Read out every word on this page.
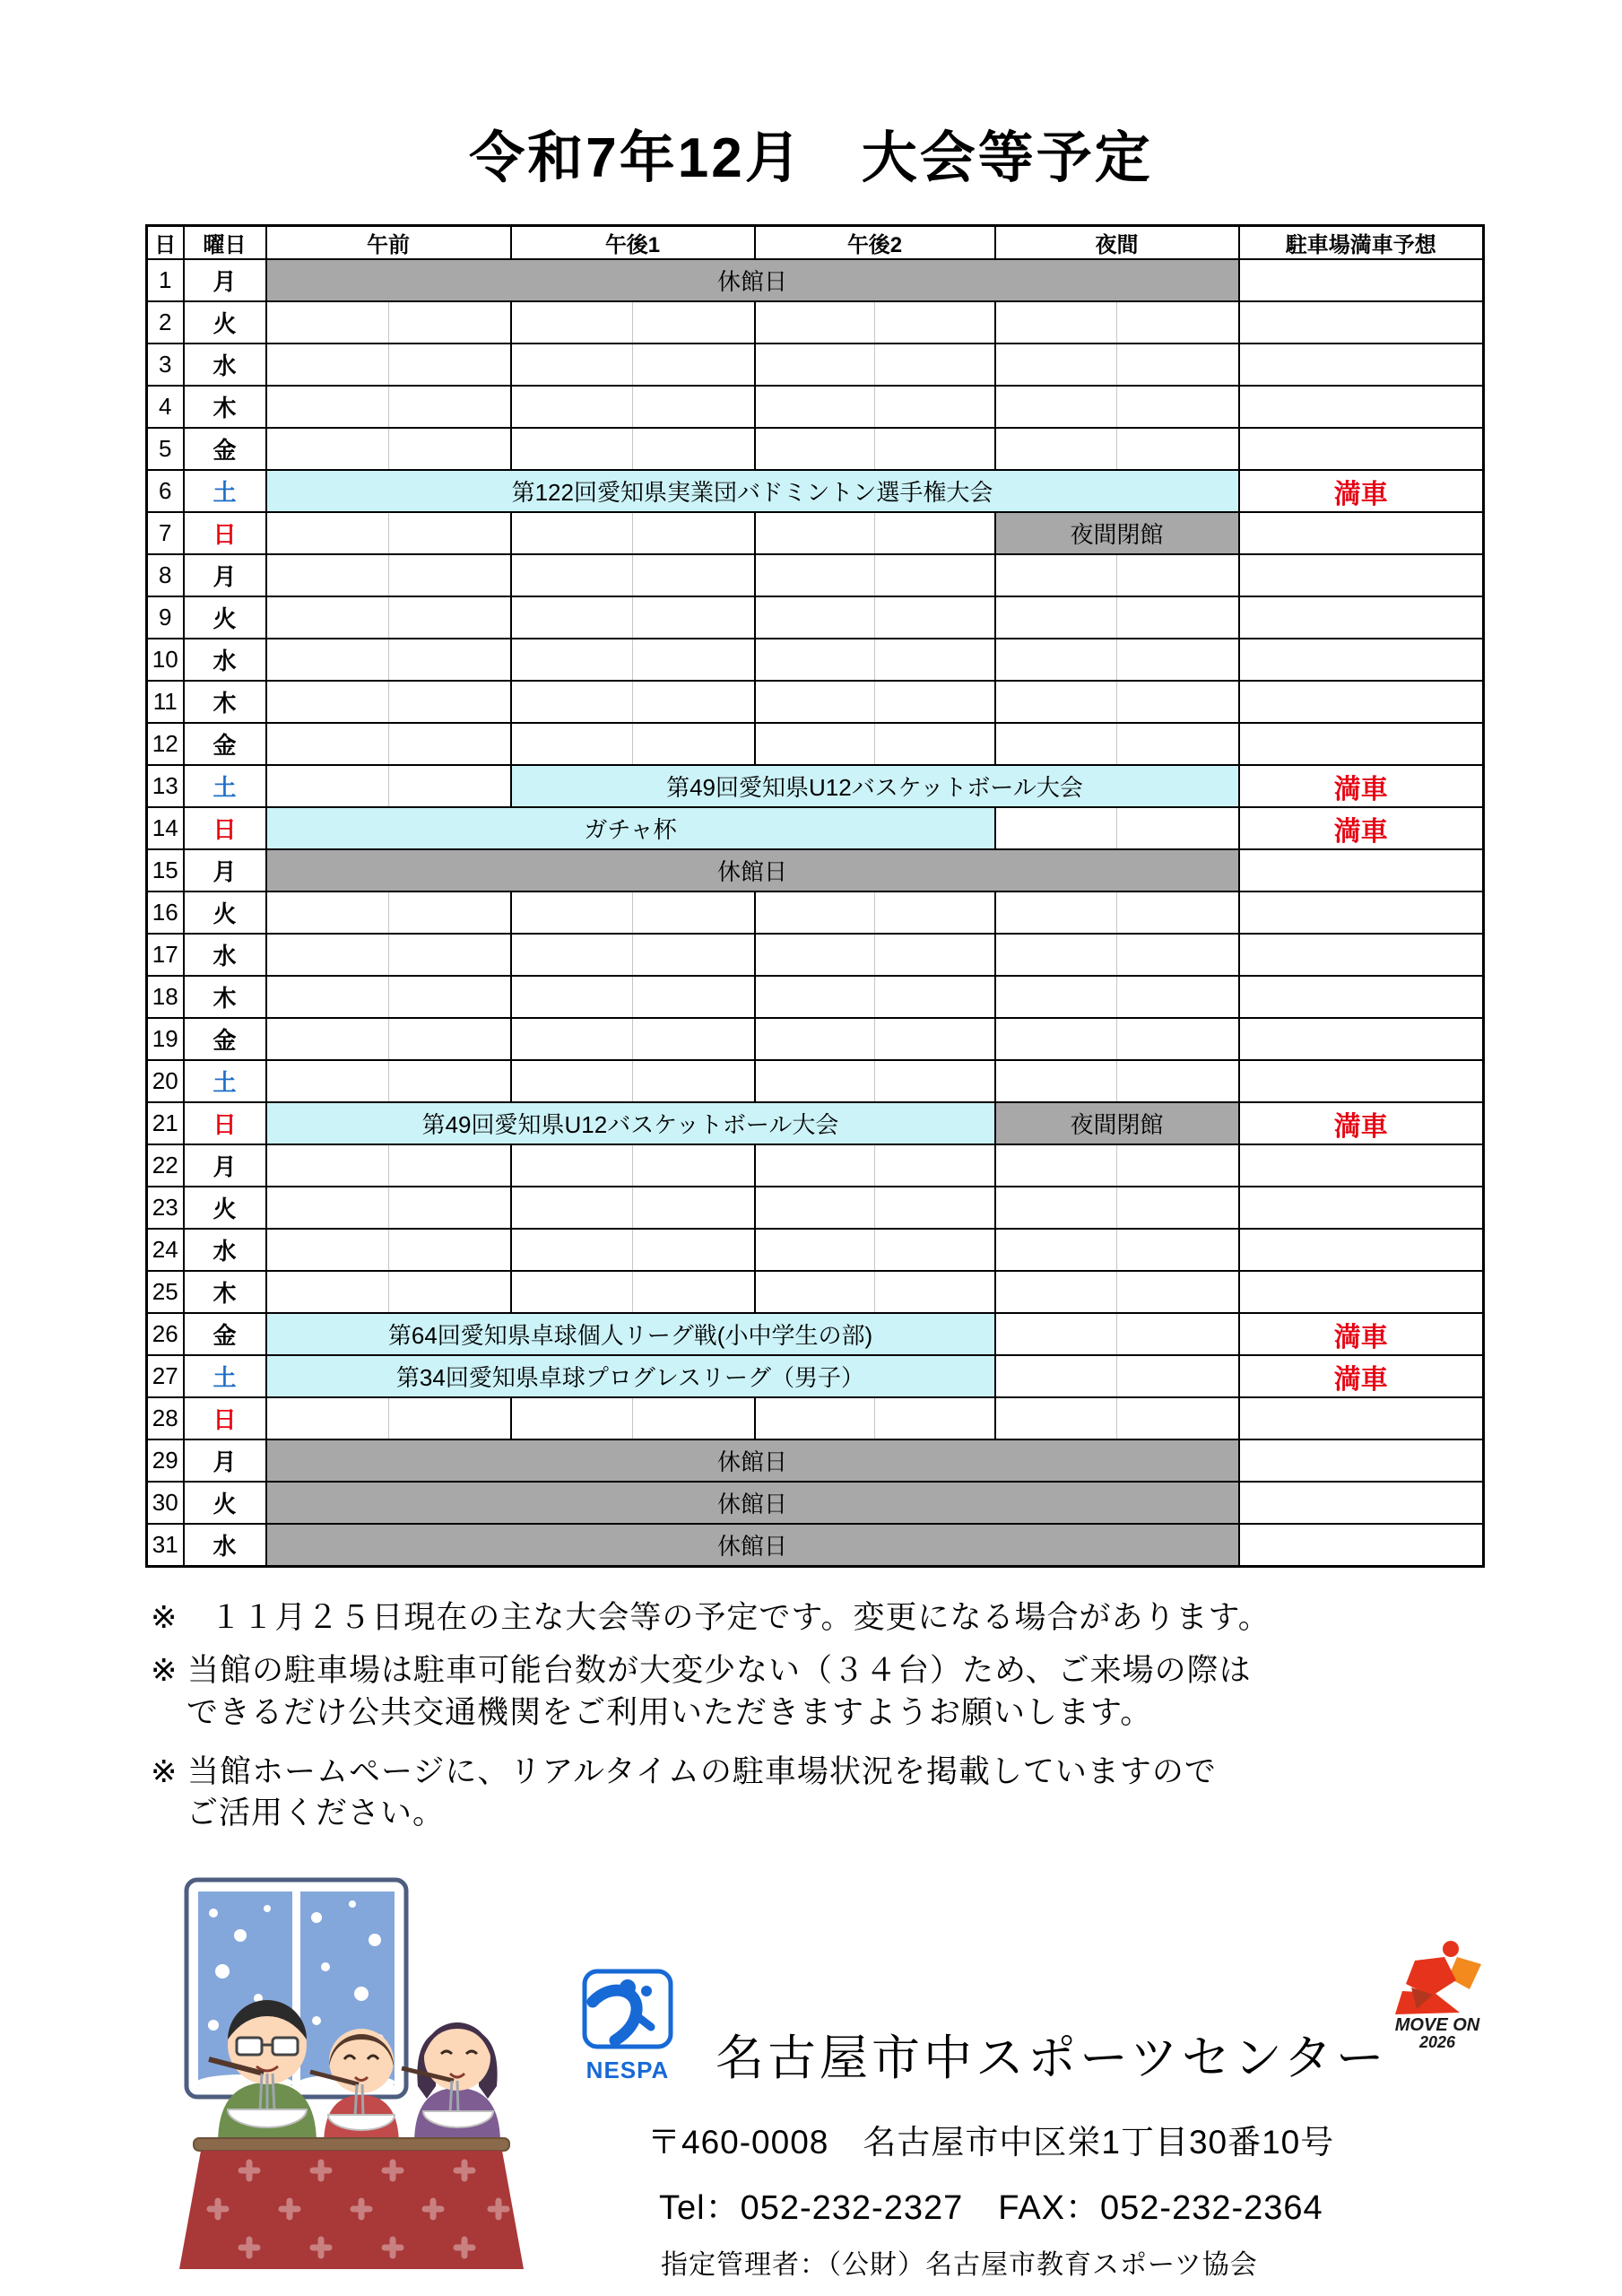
令和7年12月　大会等予定
日	曜日	午前	午後1	午後2	夜間	駐車場満車予想
1	月	休館日				
2	火					
3	水					
4	木					
5	金					
6	土	第122回愛知県実業団バドミントン選手権大会				満車
7	日				夜間閉館	
8	月					
9	火					
10	水					
11	木					
12	金					
13	土		第49回愛知県U12バスケットボール大会			満車
14	日	ガチャ杯				満車
15	月	休館日				
16	火					
17	水					
18	木					
19	金					
20	土					
21	日	第49回愛知県U12バスケットボール大会			夜間閉館	満車
22	月					
23	火					
24	水					
25	木					
26	金	第64回愛知県卓球個人リーグ戦(小中学生の部)				満車
27	土	第34回愛知県卓球プログレスリーグ（男子）				満車
28	日					
29	月	休館日				
30	火	休館日				
31	水	休館日				
※　１１月２５日現在の主な大会等の予定です。変更になる場合があります。
※ 当館の駐車場は駐車可能台数が大変少ない（３４台）ため、ご来場の際は
できるだけ公共交通機関をご利用いただきますようお願いします。
※ 当館ホームページに、リアルタイムの駐車場状況を掲載していますので
ご活用ください。
NESPA 名古屋市中スポーツセンター
〒460-0008　名古屋市中区栄1丁目30番10号
Tel：052-232-2327　FAX：052-232-2364
指定管理者：（公財）名古屋市教育スポーツ協会
MOVE ON
2026
